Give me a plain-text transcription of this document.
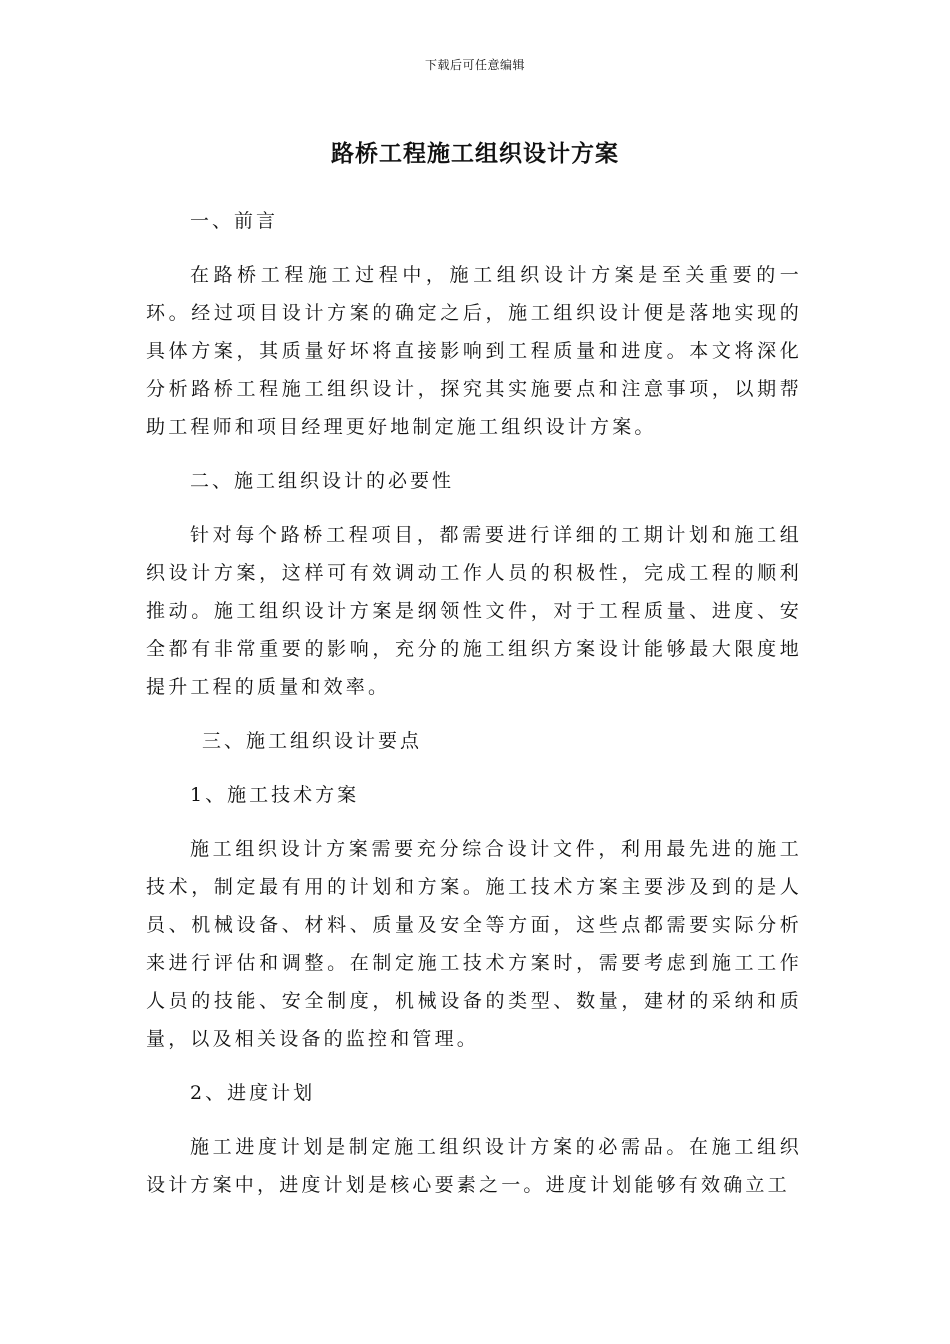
下载后可任意编辑
路桥工程施工组织设计方案

一、前言

在路桥工程施工过程中，施工组织设计方案是至关重要的一环。经过项目设计方案的确定之后，施工组织设计便是落地实现的具体方案，其质量好坏将直接影响到工程质量和进度。本文将深化分析路桥工程施工组织设计，探究其实施要点和注意事项，以期帮助工程师和项目经理更好地制定施工组织设计方案。

二、施工组织设计的必要性

针对每个路桥工程项目，都需要进行详细的工期计划和施工组织设计方案，这样可有效调动工作人员的积极性，完成工程的顺利推动。施工组织设计方案是纲领性文件，对于工程质量、进度、安全都有非常重要的影响，充分的施工组织方案设计能够最大限度地提升工程的质量和效率。

三、施工组织设计要点

1、施工技术方案

施工组织设计方案需要充分综合设计文件，利用最先进的施工技术，制定最有用的计划和方案。施工技术方案主要涉及到的是人员、机械设备、材料、质量及安全等方面，这些点都需要实际分析来进行评估和调整。在制定施工技术方案时，需要考虑到施工工作人员的技能、安全制度，机械设备的类型、数量，建材的采纳和质量，以及相关设备的监控和管理。

2、进度计划

施工进度计划是制定施工组织设计方案的必需品。在施工组织设计方案中，进度计划是核心要素之一。进度计划能够有效确立工
